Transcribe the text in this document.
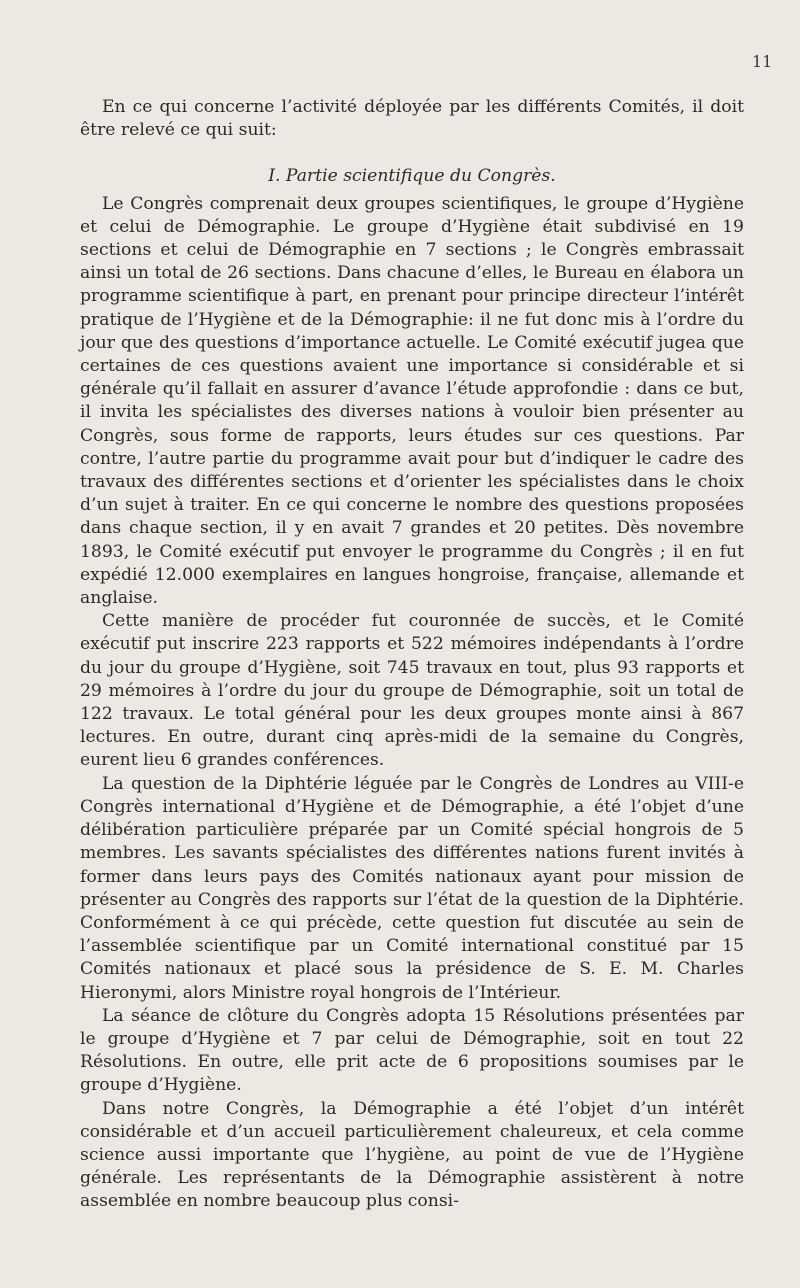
11

En ce qui concerne l’activité déployée par les différents Comités, il doit être relevé ce qui suit:

I. Partie scientifique du Congrès.

Le Congrès comprenait deux groupes scientifiques, le groupe d’Hygiène et celui de Démographie. Le groupe d’Hygiène était subdivisé en 19 sections et celui de Démographie en 7 sections ; le Congrès embrassait ainsi un total de 26 sections. Dans chacune d’elles, le Bureau en élabora un programme scientifique à part, en prenant pour principe directeur l’intérêt pratique de l’Hygiène et de la Démographie: il ne fut donc mis à l’ordre du jour que des questions d’importance actuelle. Le Comité exécutif jugea que certaines de ces questions avaient une importance si considérable et si générale qu’il fallait en assurer d’avance l’étude approfondie : dans ce but, il invita les spécialistes des diverses nations à vouloir bien présenter au Congrès, sous forme de rapports, leurs études sur ces questions. Par contre, l’autre partie du programme avait pour but d’indiquer le cadre des travaux des différentes sections et d’orienter les spécialistes dans le choix d’un sujet à traiter. En ce qui concerne le nombre des questions proposées dans chaque section, il y en avait 7 grandes et 20 petites. Dès novembre 1893, le Comité exécutif put envoyer le programme du Congrès ; il en fut expédié 12.000 exemplaires en langues hongroise, française, allemande et anglaise.

Cette manière de procéder fut couronnée de succès, et le Comité exécutif put inscrire 223 rapports et 522 mémoires indépendants à l’ordre du jour du groupe d’Hygiène, soit 745 travaux en tout, plus 93 rapports et 29 mémoires à l’ordre du jour du groupe de Démographie, soit un total de 122 travaux. Le total général pour les deux groupes monte ainsi à 867 lectures. En outre, durant cinq après-midi de la semaine du Congrès, eurent lieu 6 grandes conférences.

La question de la Diphtérie léguée par le Congrès de Londres au VIII-e Congrès international d’Hygiène et de Démographie, a été l’objet d’une délibération particulière préparée par un Comité spécial hongrois de 5 membres. Les savants spécialistes des différentes nations furent invités à former dans leurs pays des Comités nationaux ayant pour mission de présenter au Congrès des rapports sur l’état de la question de la Diphtérie. Conformément à ce qui précède, cette question fut discutée au sein de l’assemblée scientifique par un Comité international constitué par 15 Comités nationaux et placé sous la présidence de S. E. M. Charles Hieronymi, alors Ministre royal hongrois de l’Intérieur.

La séance de clôture du Congrès adopta 15 Résolutions présentées par le groupe d’Hygiène et 7 par celui de Démographie, soit en tout 22 Résolutions. En outre, elle prit acte de 6 propositions soumises par le groupe d’Hygiène.

Dans notre Congrès, la Démographie a été l’objet d’un intérêt considérable et d’un accueil particulièrement chaleureux, et cela comme science aussi importante que l’hygiène, au point de vue de l’Hygiène générale. Les représentants de la Démographie assistèrent à notre assemblée en nombre beaucoup plus consi-
